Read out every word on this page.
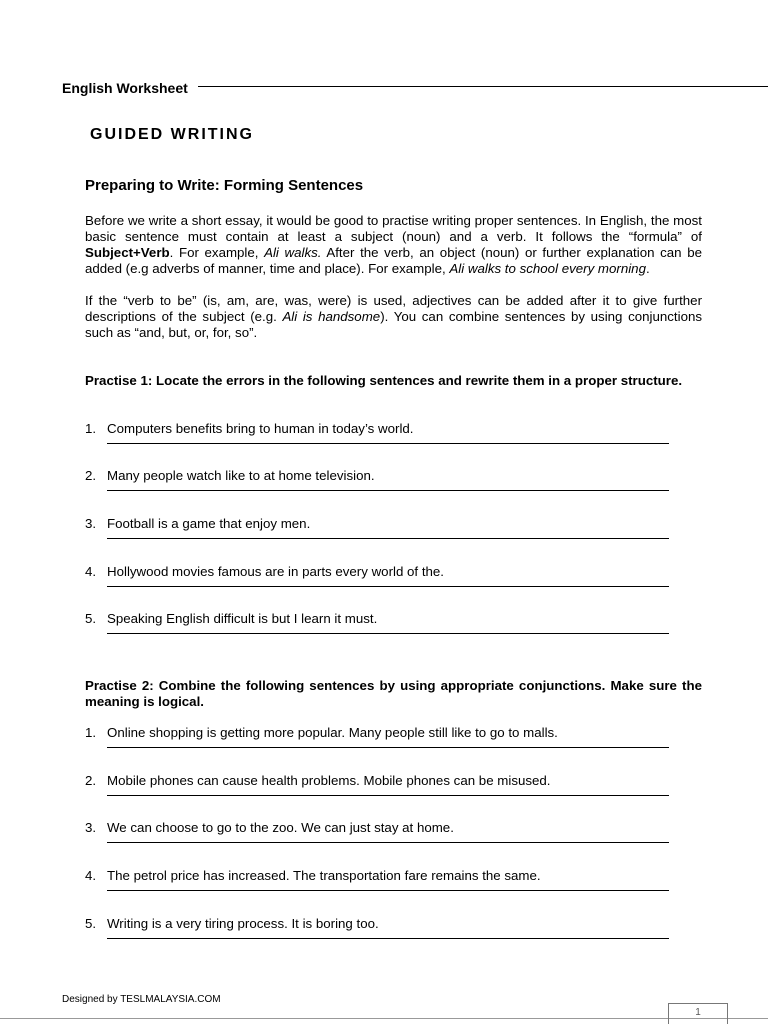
English Worksheet
GUIDED WRITING
Preparing to Write: Forming Sentences
Before we write a short essay, it would be good to practise writing proper sentences. In English, the most basic sentence must contain at least a subject (noun) and a verb. It follows the “formula” of Subject+Verb. For example, Ali walks. After the verb, an object (noun) or further explanation can be added (e.g adverbs of manner, time and place). For example, Ali walks to school every morning.
If the “verb to be” (is, am, are, was, were) is used, adjectives can be added after it to give further descriptions of the subject (e.g. Ali is handsome). You can combine sentences by using conjunctions such as “and, but, or, for, so”.
Practise 1: Locate the errors in the following sentences and rewrite them in a proper structure.
1. Computers benefits bring to human in today’s world.
2. Many people watch like to at home television.
3. Football is a game that enjoy men.
4. Hollywood movies famous are in parts every world of the.
5. Speaking English difficult is but I learn it must.
Practise 2: Combine the following sentences by using appropriate conjunctions. Make sure the meaning is logical.
1. Online shopping is getting more popular. Many people still like to go to malls.
2. Mobile phones can cause health problems. Mobile phones can be misused.
3. We can choose to go to the zoo. We can just stay at home.
4. The petrol price has increased. The transportation fare remains the same.
5. Writing is a very tiring process. It is boring too.
Designed by TESLMALAYSIA.COM
1
